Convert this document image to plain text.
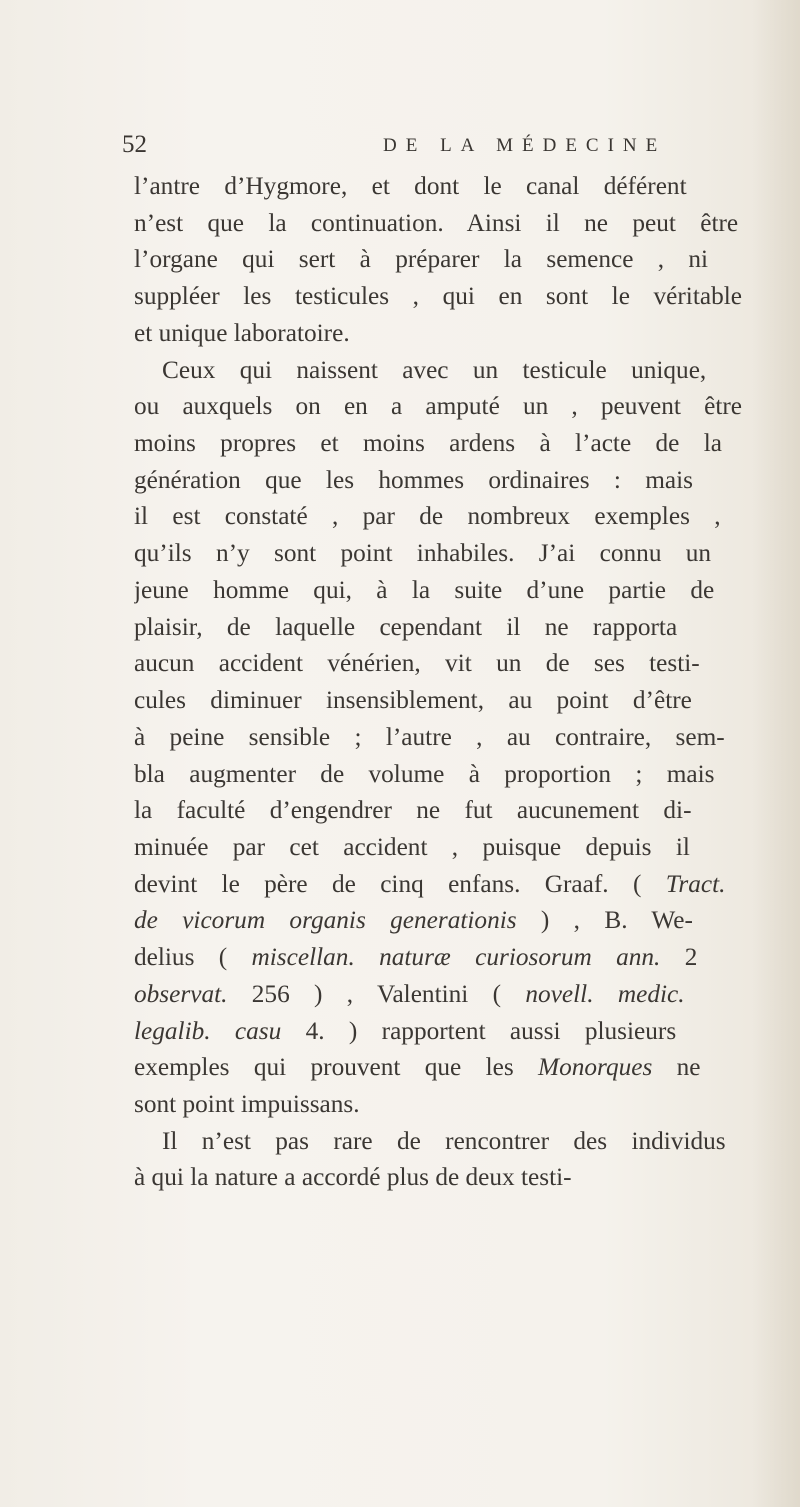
52	DE LA MÉDECINE
l’antre d’Hygmore, et dont le canal déférent
n’est que la continuation. Ainsi il ne peut être
l’organe qui sert à préparer la semence , ni
suppléer les testicules , qui en sont le véritable
et unique laboratoire.
Ceux qui naissent avec un testicule unique,
ou auxquels on en a amputé un , peuvent être
moins propres et moins ardens à l’acte de la
génération que les hommes ordinaires : mais
il est constaté , par de nombreux exemples ,
qu’ils n’y sont point inhabiles. J’ai connu un
jeune homme qui, à la suite d’une partie de
plaisir, de laquelle cependant il ne rapporta
aucun accident vénérien, vit un de ses testi-
cules diminuer insensiblement, au point d’être
à peine sensible ; l’autre , au contraire, sem-
bla augmenter de volume à proportion ; mais
la faculté d’engendrer ne fut aucunement di-
minuée par cet accident , puisque depuis il
devint le père de cinq enfans. Graaf. ( Tract.
de vicorum organis generationis ) , B. We-
delius ( miscellan. naturæ curiosorum ann. 2
observat. 256 ) , Valentini ( novell. medic.
legalib. casu 4. ) rapportent aussi plusieurs
exemples qui prouvent que les Monorques ne
sont point impuissans.
Il n’est pas rare de rencontrer des individus
à qui la nature a accordé plus de deux testi-
